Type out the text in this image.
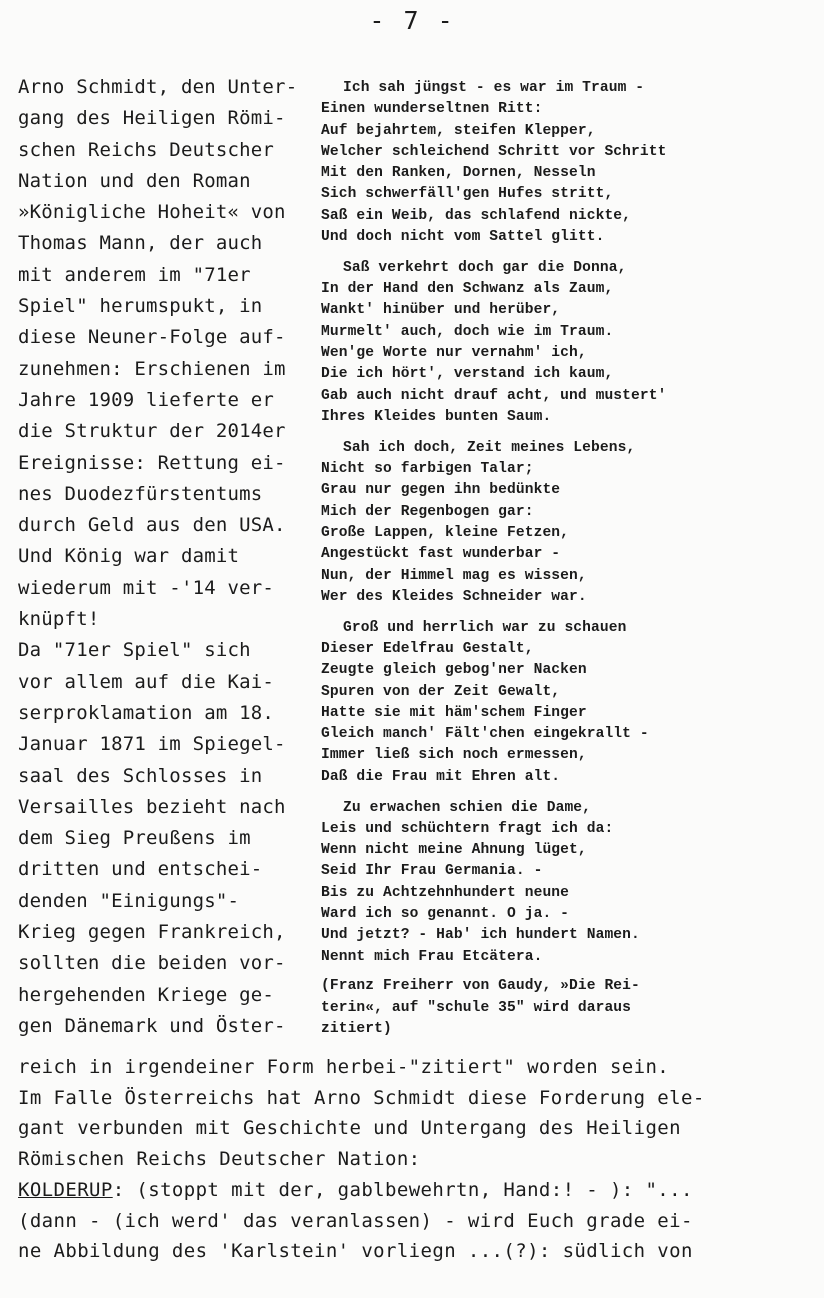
- 7 -
Arno Schmidt, den Unter-
gang des Heiligen Römi-
schen Reichs Deutscher
Nation und den Roman
»Königliche Hoheit« von
Thomas Mann, der auch
mit anderem im "71er
Spiel" herumspukt, in
diese Neuner-Folge auf-
zunehmen: Erschienen im
Jahre 1909 lieferte er
die Struktur der 2014er
Ereignisse: Rettung ei-
nes Duodezfürstentums
durch Geld aus den USA.
Und König war damit
wiederum mit -'14 ver-
knüpft!
Da "71er Spiel" sich
vor allem auf die Kai-
serproklamation am 18.
Januar 1871 im Spiegel-
saal des Schlosses in
Versailles bezieht nach
dem Sieg Preußens im
dritten und entschei-
denden "Einigungs"-
Krieg gegen Frankreich,
sollten die beiden vor-
hergehenden Kriege ge-
gen Dänemark und Öster-
Ich sah jüngst - es war im Traum -
Einen wunderseltnen Ritt:
Auf bejahrtem, steifen Klepper,
Welcher schleichend Schritt vor Schritt
Mit den Ranken, Dornen, Nesseln
Sich schwerfäll'gen Hufes stritt,
Saß ein Weib, das schlafend nickte,
Und doch nicht vom Sattel glitt.
Saß verkehrt doch gar die Donna,
In der Hand den Schwanz als Zaum,
Wankt' hinüber und herüber,
Murmelt' auch, doch wie im Traum.
Wen'ge Worte nur vernahm' ich,
Die ich hört', verstand ich kaum,
Gab auch nicht drauf acht, und mustert'
Ihres Kleides bunten Saum.
Sah ich doch, Zeit meines Lebens,
Nicht so farbigen Talar;
Grau nur gegen ihn bedünkte
Mich der Regenbogen gar:
Große Lappen, kleine Fetzen,
Angestückt fast wunderbar -
Nun, der Himmel mag es wissen,
Wer des Kleides Schneider war.
Groß und herrlich war zu schauen
Dieser Edelfrau Gestalt,
Zeugte gleich gebog'ner Nacken
Spuren von der Zeit Gewalt,
Hatte sie mit häm'schem Finger
Gleich manch' Fält'chen eingekrallt -
Immer ließ sich noch ermessen,
Daß die Frau mit Ehren alt.
Zu erwachen schien die Dame,
Leis und schüchtern fragt ich da:
Wenn nicht meine Ahnung lüget,
Seid Ihr Frau Germania. -
Bis zu Achtzehnhundert neune
Ward ich so genannt. O ja. -
Und jetzt? - Hab' ich hundert Namen.
Nennt mich Frau Etcätera.
(Franz Freiherr von Gaudy, »Die Rei-
terin«, auf "schule 35" wird daraus
zitiert)
reich in irgendeiner Form herbei-"zitiert" worden sein.
Im Falle Österreichs hat Arno Schmidt diese Forderung ele-
gant verbunden mit Geschichte und Untergang des Heiligen
Römischen Reichs Deutscher Nation:
KOLDERUP: (stoppt mit der, gablbewehrtn, Hand:! - ): "...
(dann - (ich werd' das veranlassen) - wird Euch grade ei-
ne Abbildung des 'Karlstein' vorliegn ...(?): südlich von
